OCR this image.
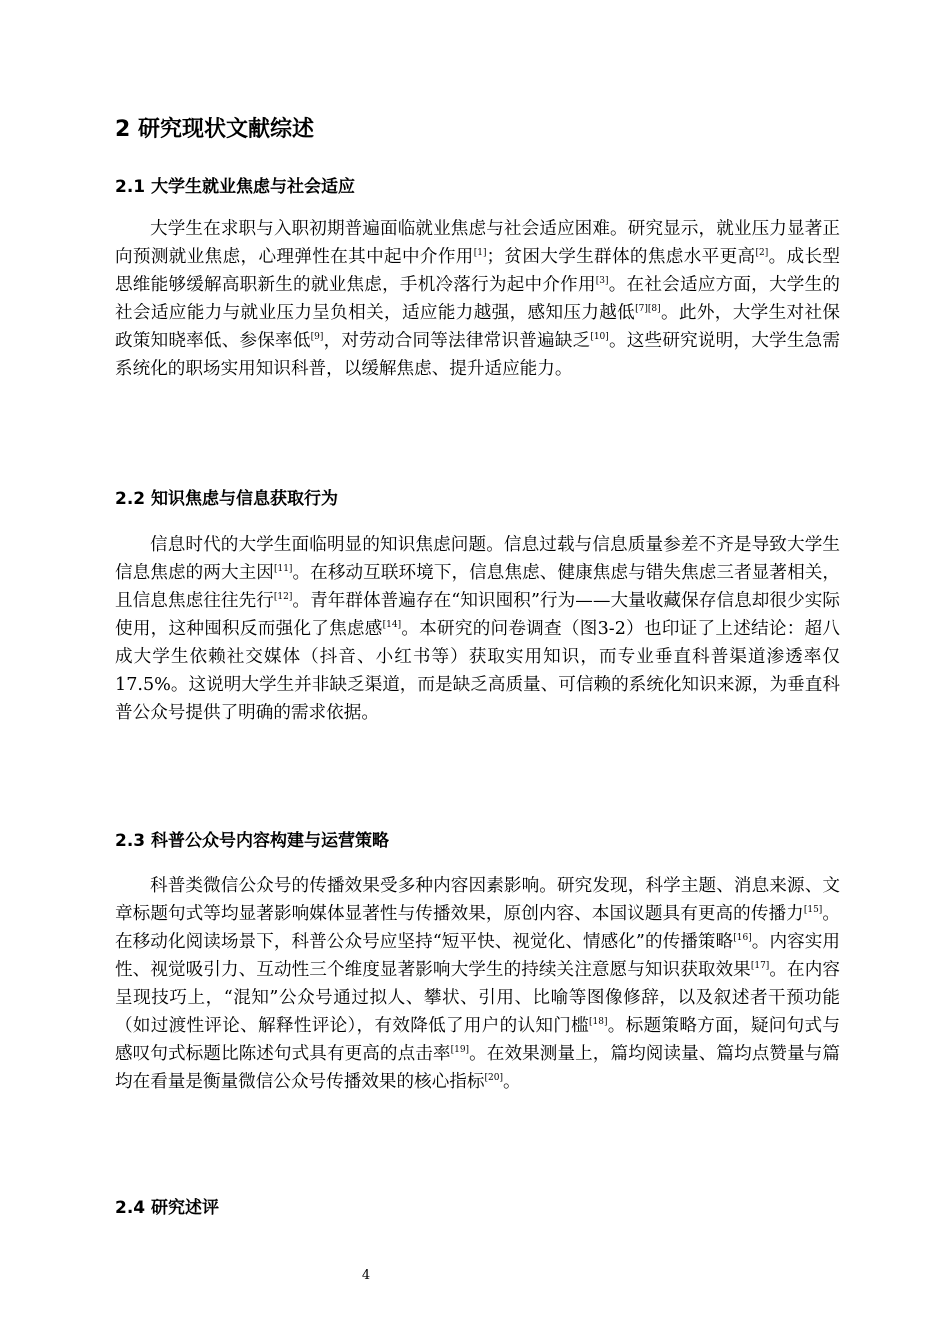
2 研究现状文献综述
2.1 大学生就业焦虑与社会适应

大学生在求职与入职初期普遍面临就业焦虑与社会适应困难。研究显示，就业压力显著正向预测就业焦虑，心理弹性在其中起中介作用[1]；贫困大学生群体的焦虑水平更高[2]。成长型思维能够缓解高职新生的就业焦虑，手机冷落行为起中介作用[3]。在社会适应方面，大学生的社会适应能力与就业压力呈负相关，适应能力越强，感知压力越低[7][8]。此外，大学生对社保政策知晓率低、参保率低[9]，对劳动合同等法律常识普遍缺乏[10]。这些研究说明，大学生急需系统化的职场实用知识科普，以缓解焦虑、提升适应能力。

2.2 知识焦虑与信息获取行为

信息时代的大学生面临明显的知识焦虑问题。信息过载与信息质量参差不齐是导致大学生信息焦虑的两大主因[11]。在移动互联环境下，信息焦虑、健康焦虑与错失焦虑三者显著相关，且信息焦虑往往先行[12]。青年群体普遍存在“知识囤积”行为——大量收藏保存信息却很少实际使用，这种囤积反而强化了焦虑感[14]。本研究的问卷调查（图3-2）也印证了上述结论：超八成大学生依赖社交媒体（抖音、小红书等）获取实用知识，而专业垂直科普渠道渗透率仅17.5%。这说明大学生并非缺乏渠道，而是缺乏高质量、可信赖的系统化知识来源，为垂直科普公众号提供了明确的需求依据。

2.3 科普公众号内容构建与运营策略

科普类微信公众号的传播效果受多种内容因素影响。研究发现，科学主题、消息来源、文章标题句式等均显著影响媒体显著性与传播效果，原创内容、本国议题具有更高的传播力[15]。在移动化阅读场景下，科普公众号应坚持“短平快、视觉化、情感化”的传播策略[16]。内容实用性、视觉吸引力、互动性三个维度显著影响大学生的持续关注意愿与知识获取效果[17]。在内容呈现技巧上，“混知”公众号通过拟人、攀状、引用、比喻等图像修辞，以及叙述者干预功能（如过渡性评论、解释性评论），有效降低了用户的认知门槛[18]。标题策略方面，疑问句式与感叹句式标题比陈述句式具有更高的点击率[19]。在效果测量上，篇均阅读量、篇均点赞量与篇均在看量是衡量微信公众号传播效果的核心指标[20]。

2.4 研究述评
4
